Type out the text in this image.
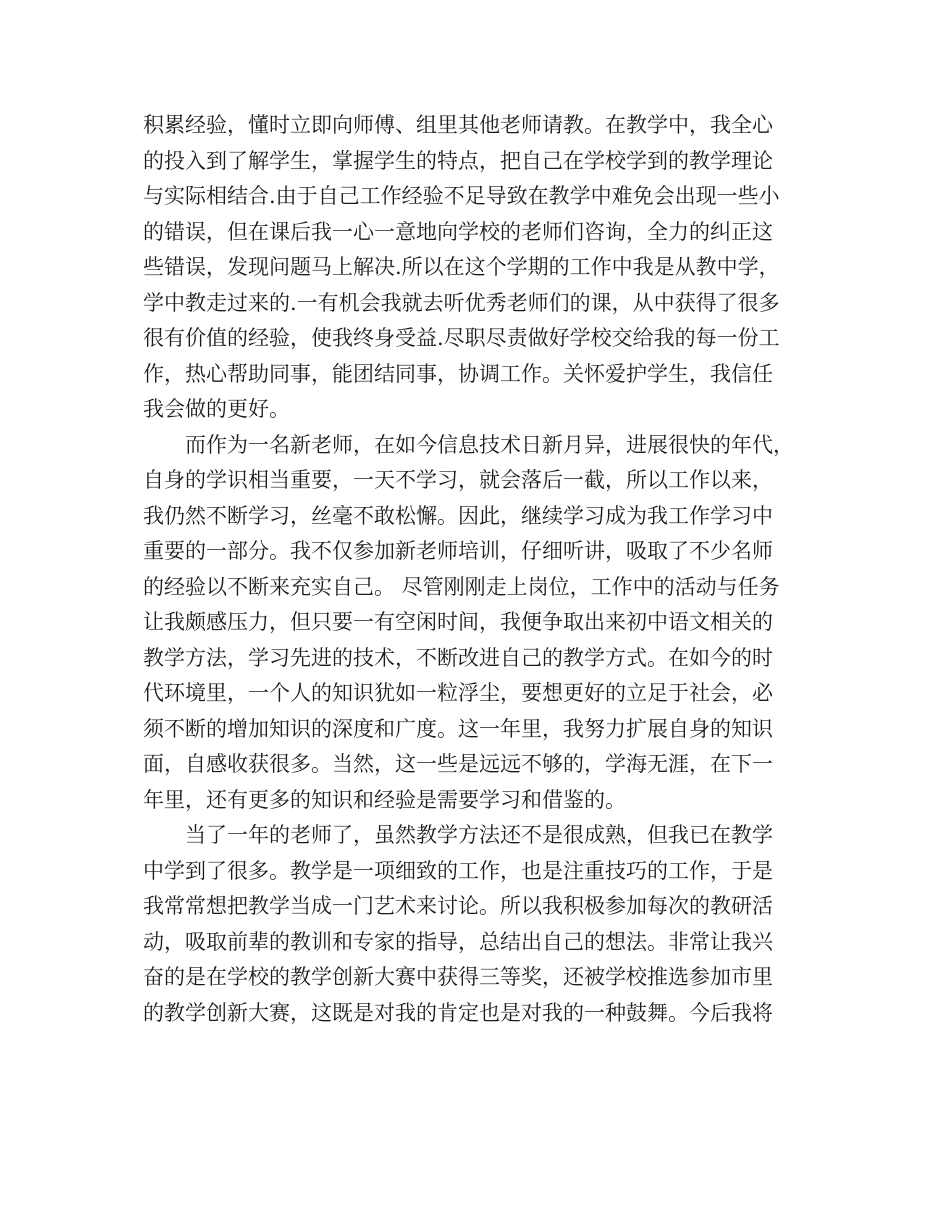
积累经验，懂时立即向师傅、组里其他老师请教。在教学中，我全心
的投入到了解学生，掌握学生的特点，把自己在学校学到的教学理论
与实际相结合.由于自己工作经验不足导致在教学中难免会出现一些小
的错误，但在课后我一心一意地向学校的老师们咨询，全力的纠正这
些错误，发现问题马上解决.所以在这个学期的工作中我是从教中学，
学中教走过来的.一有机会我就去听优秀老师们的课，从中获得了很多
很有价值的经验，使我终身受益.尽职尽责做好学校交给我的每一份工
作，热心帮助同事，能团结同事，协调工作。关怀爱护学生，我信任
我会做的更好。
　　而作为一名新老师，在如今信息技术日新月异，进展很快的年代，
自身的学识相当重要，一天不学习，就会落后一截，所以工作以来，
我仍然不断学习，丝毫不敢松懈。因此，继续学习成为我工作学习中
重要的一部分。我不仅参加新老师培训，仔细听讲，吸取了不少名师
的经验以不断来充实自己。 尽管刚刚走上岗位，工作中的活动与任务
让我颇感压力，但只要一有空闲时间，我便争取出来初中语文相关的
教学方法，学习先进的技术，不断改进自己的教学方式。在如今的时
代环境里，一个人的知识犹如一粒浮尘，要想更好的立足于社会，必
须不断的增加知识的深度和广度。这一年里，我努力扩展自身的知识
面，自感收获很多。当然，这一些是远远不够的，学海无涯，在下一
年里，还有更多的知识和经验是需要学习和借鉴的。
　　当了一年的老师了，虽然教学方法还不是很成熟，但我已在教学
中学到了很多。教学是一项细致的工作，也是注重技巧的工作，于是
我常常想把教学当成一门艺术来讨论。所以我积极参加每次的教研活
动，吸取前辈的教训和专家的指导，总结出自己的想法。非常让我兴
奋的是在学校的教学创新大赛中获得三等奖，还被学校推选参加市里
的教学创新大赛，这既是对我的肯定也是对我的一种鼓舞。今后我将
